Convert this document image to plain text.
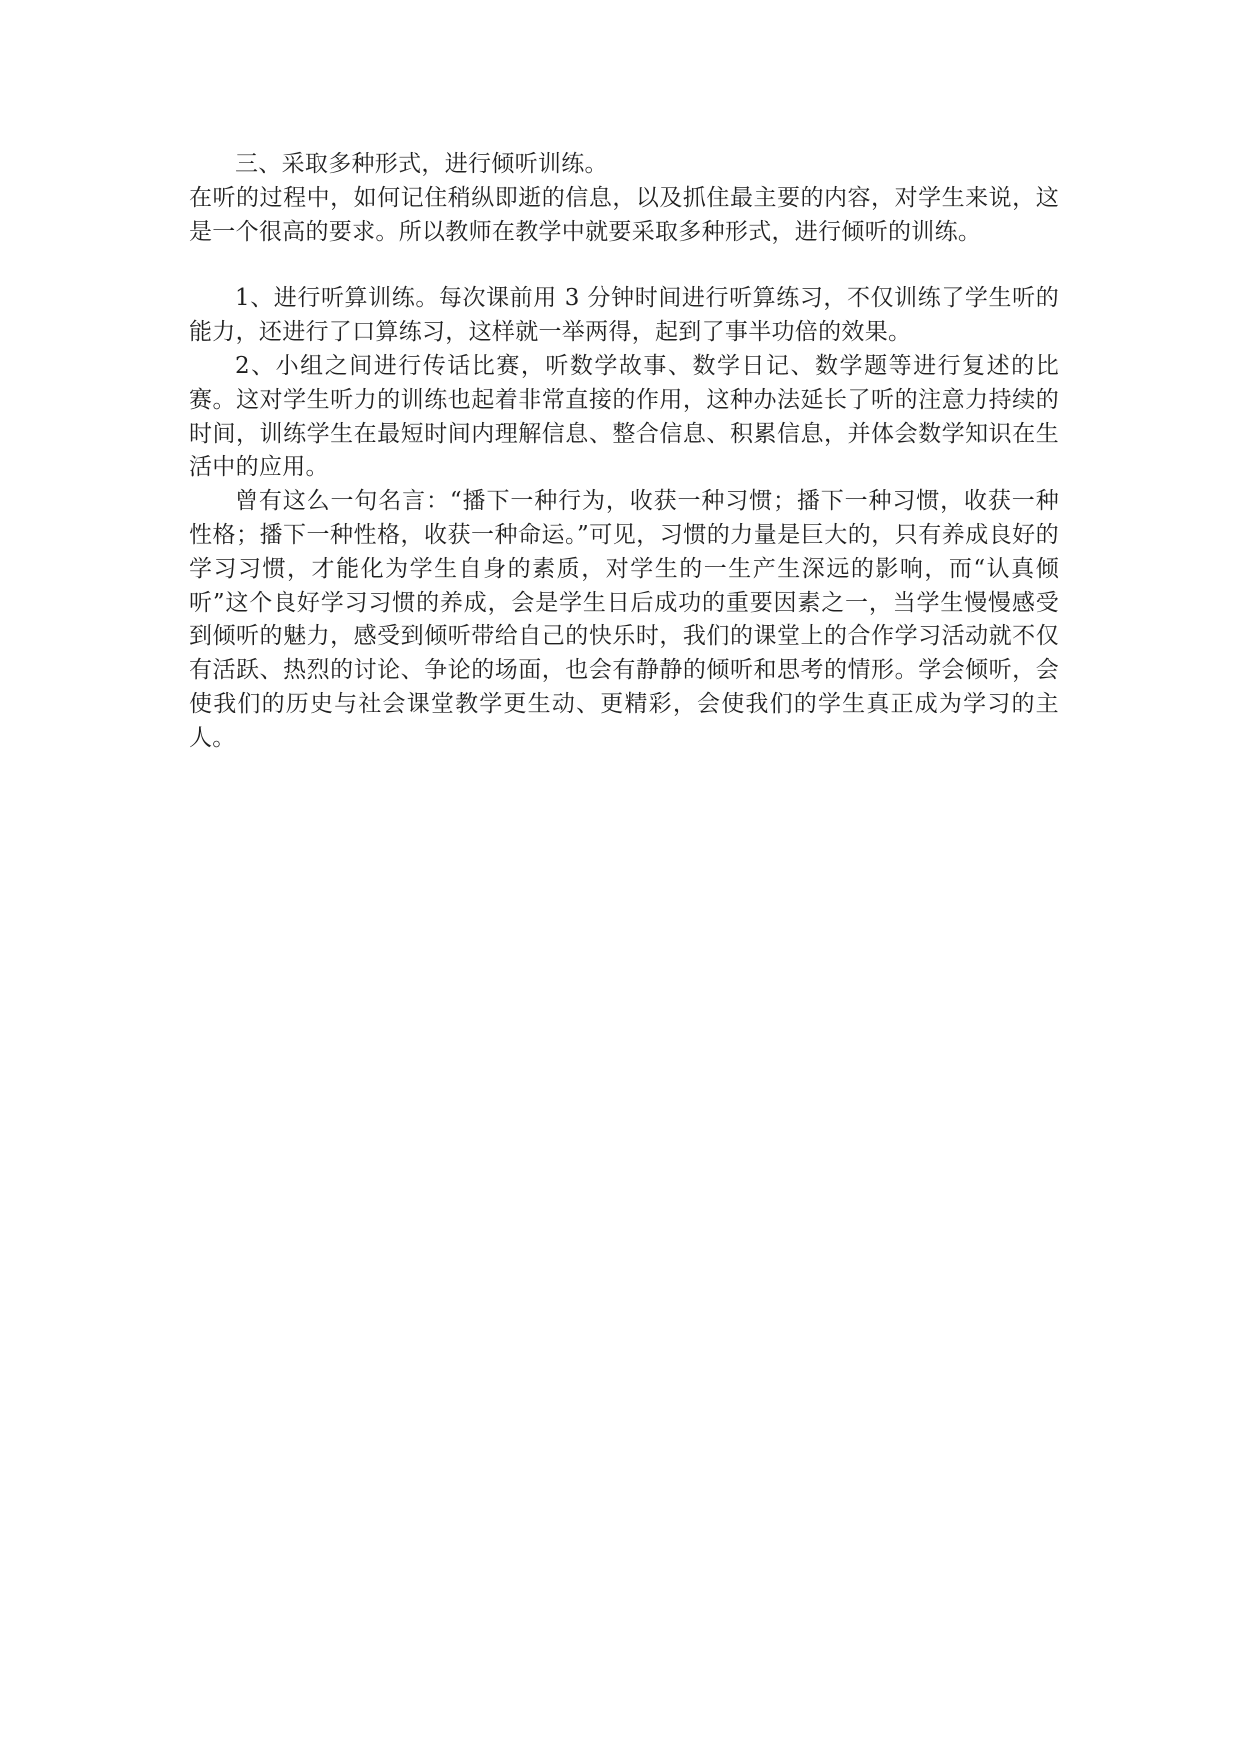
三、采取多种形式，进行倾听训练。

在听的过程中，如何记住稍纵即逝的信息，以及抓住最主要的内容，对学生来说，这是一个很高的要求。所以教师在教学中就要采取多种形式，进行倾听的训练。

1、进行听算训练。每次课前用 3 分钟时间进行听算练习，不仅训练了学生听的能力，还进行了口算练习，这样就一举两得，起到了事半功倍的效果。

2、小组之间进行传话比赛，听数学故事、数学日记、数学题等进行复述的比赛。这对学生听力的训练也起着非常直接的作用，这种办法延长了听的注意力持续的时间，训练学生在最短时间内理解信息、整合信息、积累信息，并体会数学知识在生活中的应用。

曾有这么一句名言：“播下一种行为，收获一种习惯；播下一种习惯，收获一种性格；播下一种性格，收获一种命运。”可见，习惯的力量是巨大的，只有养成良好的学习习惯，才能化为学生自身的素质，对学生的一生产生深远的影响，而“认真倾听”这个良好学习习惯的养成，会是学生日后成功的重要因素之一，当学生慢慢感受到倾听的魅力，感受到倾听带给自己的快乐时，我们的课堂上的合作学习活动就不仅有活跃、热烈的讨论、争论的场面，也会有静静的倾听和思考的情形。学会倾听，会使我们的历史与社会课堂教学更生动、更精彩，会使我们的学生真正成为学习的主人。
